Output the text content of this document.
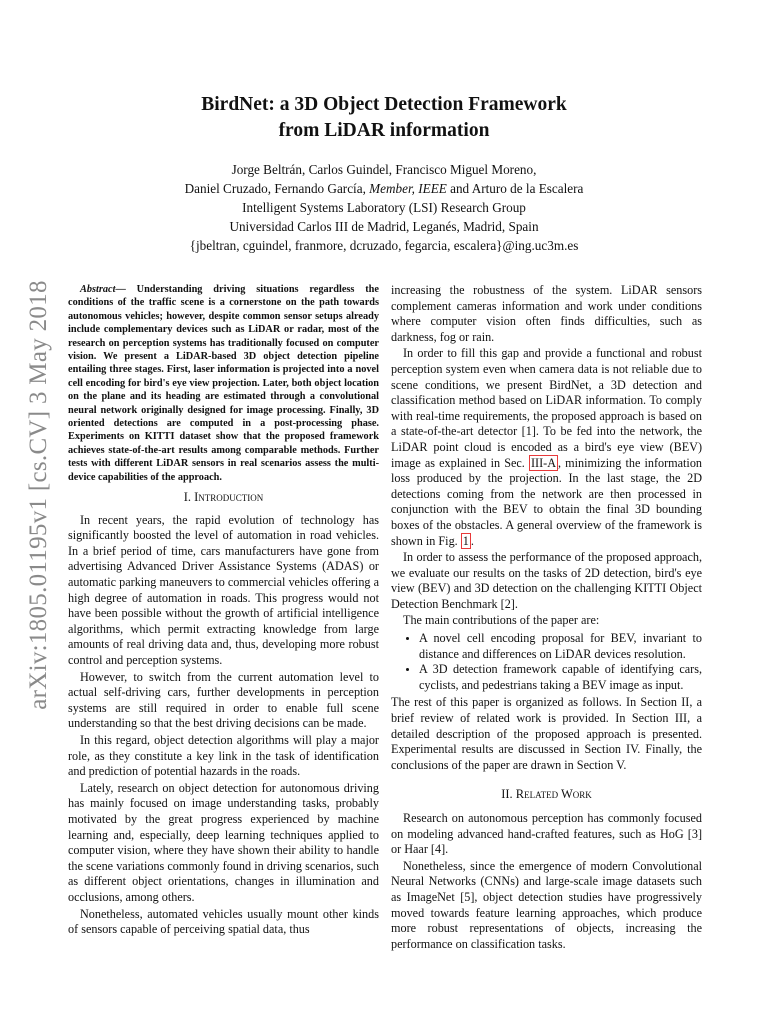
arXiv:1805.01195v1 [cs.CV] 3 May 2018
BirdNet: a 3D Object Detection Framework
from LiDAR information
Jorge Beltrán, Carlos Guindel, Francisco Miguel Moreno,
Daniel Cruzado, Fernando García, Member, IEEE and Arturo de la Escalera
Intelligent Systems Laboratory (LSI) Research Group
Universidad Carlos III de Madrid, Leganés, Madrid, Spain
{jbeltran, cguindel, franmore, dcruzado, fegarcia, escalera}@ing.uc3m.es

Abstract— Understanding driving situations regardless the conditions of the traffic scene is a cornerstone on the path towards autonomous vehicles; however, despite common sensor setups already include complementary devices such as LiDAR or radar, most of the research on perception systems has traditionally focused on computer vision. We present a LiDAR-based 3D object detection pipeline entailing three stages. First, laser information is projected into a novel cell encoding for bird's eye view projection. Later, both object location on the plane and its heading are estimated through a convolutional neural network originally designed for image processing. Finally, 3D oriented detections are computed in a post-processing phase. Experiments on KITTI dataset show that the proposed framework achieves state-of-the-art results among comparable methods. Further tests with different LiDAR sensors in real scenarios assess the multi-device capabilities of the approach.

I. Introduction

In recent years, the rapid evolution of technology has significantly boosted the level of automation in road vehicles. In a brief period of time, cars manufacturers have gone from advertising Advanced Driver Assistance Systems (ADAS) or automatic parking maneuvers to commercial vehicles offering a high degree of automation in roads. This progress would not have been possible without the growth of artificial intelligence algorithms, which permit extracting knowledge from large amounts of real driving data and, thus, developing more robust control and perception systems.

However, to switch from the current automation level to actual self-driving cars, further developments in perception systems are still required in order to enable full scene understanding so that the best driving decisions can be made.

In this regard, object detection algorithms will play a major role, as they constitute a key link in the task of identification and prediction of potential hazards in the roads.

Lately, research on object detection for autonomous driving has mainly focused on image understanding tasks, probably motivated by the great progress experienced by machine learning and, especially, deep learning techniques applied to computer vision, where they have shown their ability to handle the scene variations commonly found in driving scenarios, such as different object orientations, changes in illumination and occlusions, among others.

Nonetheless, automated vehicles usually mount other kinds of sensors capable of perceiving spatial data, thus

increasing the robustness of the system. LiDAR sensors complement cameras information and work under conditions where computer vision often finds difficulties, such as darkness, fog or rain.

In order to fill this gap and provide a functional and robust perception system even when camera data is not reliable due to scene conditions, we present BirdNet, a 3D detection and classification method based on LiDAR information. To comply with real-time requirements, the proposed approach is based on a state-of-the-art detector [1]. To be fed into the network, the LiDAR point cloud is encoded as a bird's eye view (BEV) image as explained in Sec. III-A , minimizing the information loss produced by the projection. In the last stage, the 2D detections coming from the network are then processed in conjunction with the BEV to obtain the final 3D bounding boxes of the obstacles. A general overview of the framework is shown in Fig. 1 .

In order to assess the performance of the proposed approach, we evaluate our results on the tasks of 2D detection, bird's eye view (BEV) and 3D detection on the challenging KITTI Object Detection Benchmark [2].

The main contributions of the paper are:

• A novel cell encoding proposal for BEV, invariant to distance and differences on LiDAR devices resolution.
• A 3D detection framework capable of identifying cars, cyclists, and pedestrians taking a BEV image as input.

The rest of this paper is organized as follows. In Section II, a brief review of related work is provided. In Section III, a detailed description of the proposed approach is presented. Experimental results are discussed in Section IV. Finally, the conclusions of the paper are drawn in Section V.

II. Related Work

Research on autonomous perception has commonly focused on modeling advanced hand-crafted features, such as HoG [3] or Haar [4].

Nonetheless, since the emergence of modern Convolutional Neural Networks (CNNs) and large-scale image datasets such as ImageNet [5], object detection studies have progressively moved towards feature learning approaches, which produce more robust representations of objects, increasing the performance on classification tasks.
